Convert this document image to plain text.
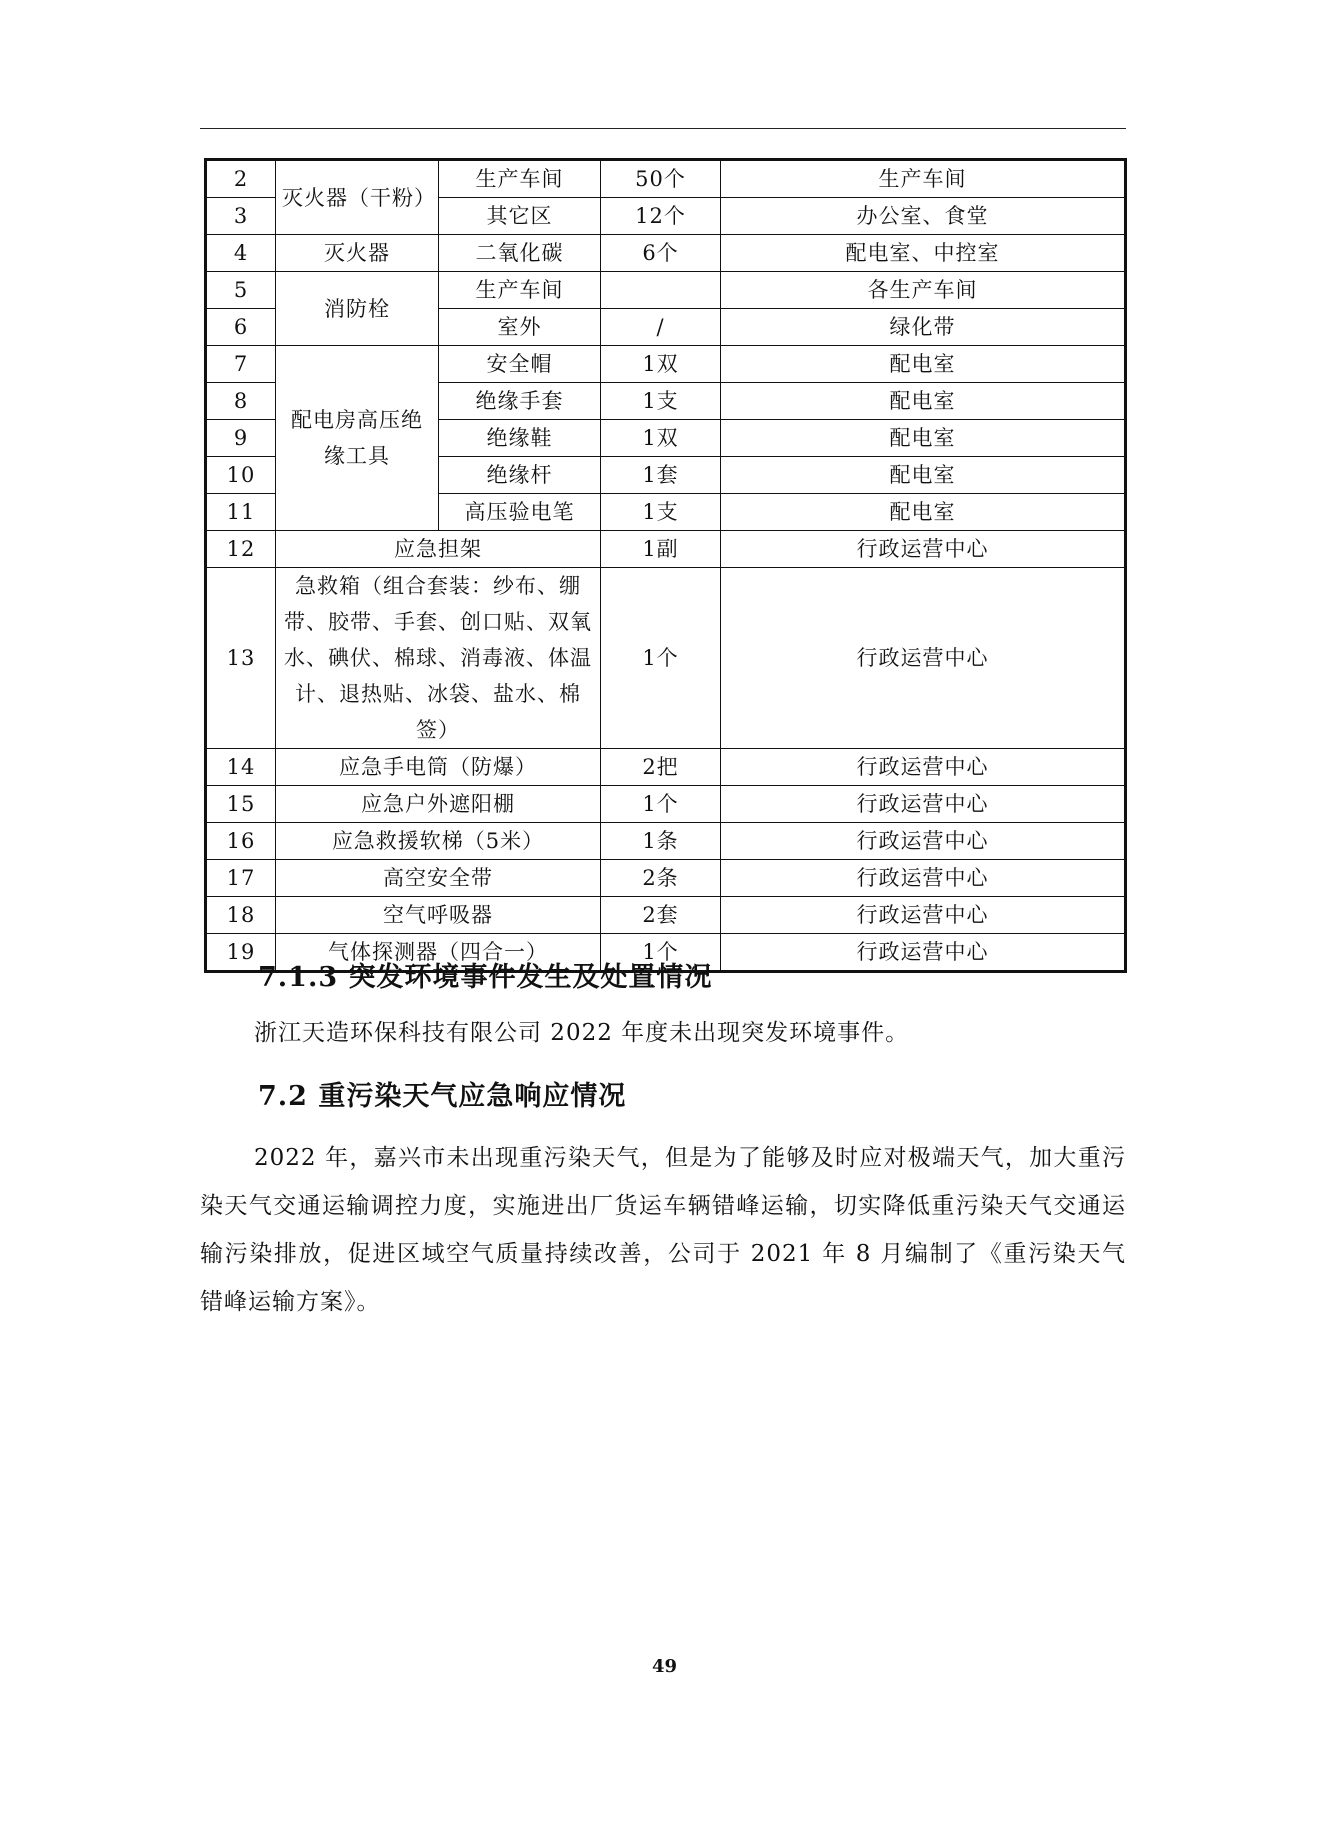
2	灭火器（干粉）	生产车间	50个	生产车间
3		其它区	12个	办公室、食堂
4	灭火器	二氧化碳	6个	配电室、中控室
5	消防栓	生产车间		各生产车间
6		室外	/	绿化带
7	配电房高压绝缘工具	安全帽	1双	配电室
8		绝缘手套	1支	配电室
9		绝缘鞋	1双	配电室
10		绝缘杆	1套	配电室
11		高压验电笔	1支	配电室
12	应急担架		1副	行政运营中心
13	急救箱（组合套装：纱布、绷带、胶带、手套、创口贴、双氧水、碘伏、棉球、消毒液、体温计、退热贴、冰袋、盐水、棉签）		1个	行政运营中心
14	应急手电筒（防爆）		2把	行政运营中心
15	应急户外遮阳棚		1个	行政运营中心
16	应急救援软梯（5米）		1条	行政运营中心
17	高空安全带		2条	行政运营中心
18	空气呼吸器		2套	行政运营中心
19	气体探测器（四合一）		1个	行政运营中心
7.1.3 突发环境事件发生及处置情况
浙江天造环保科技有限公司 2022 年度未出现突发环境事件。
7.2 重污染天气应急响应情况
2022 年，嘉兴市未出现重污染天气，但是为了能够及时应对极端天气，加大重污染天气交通运输调控力度，实施进出厂货运车辆错峰运输，切实降低重污染天气交通运输污染排放，促进区域空气质量持续改善，公司于 2021 年 8 月编制了《重污染天气错峰运输方案》。
49
